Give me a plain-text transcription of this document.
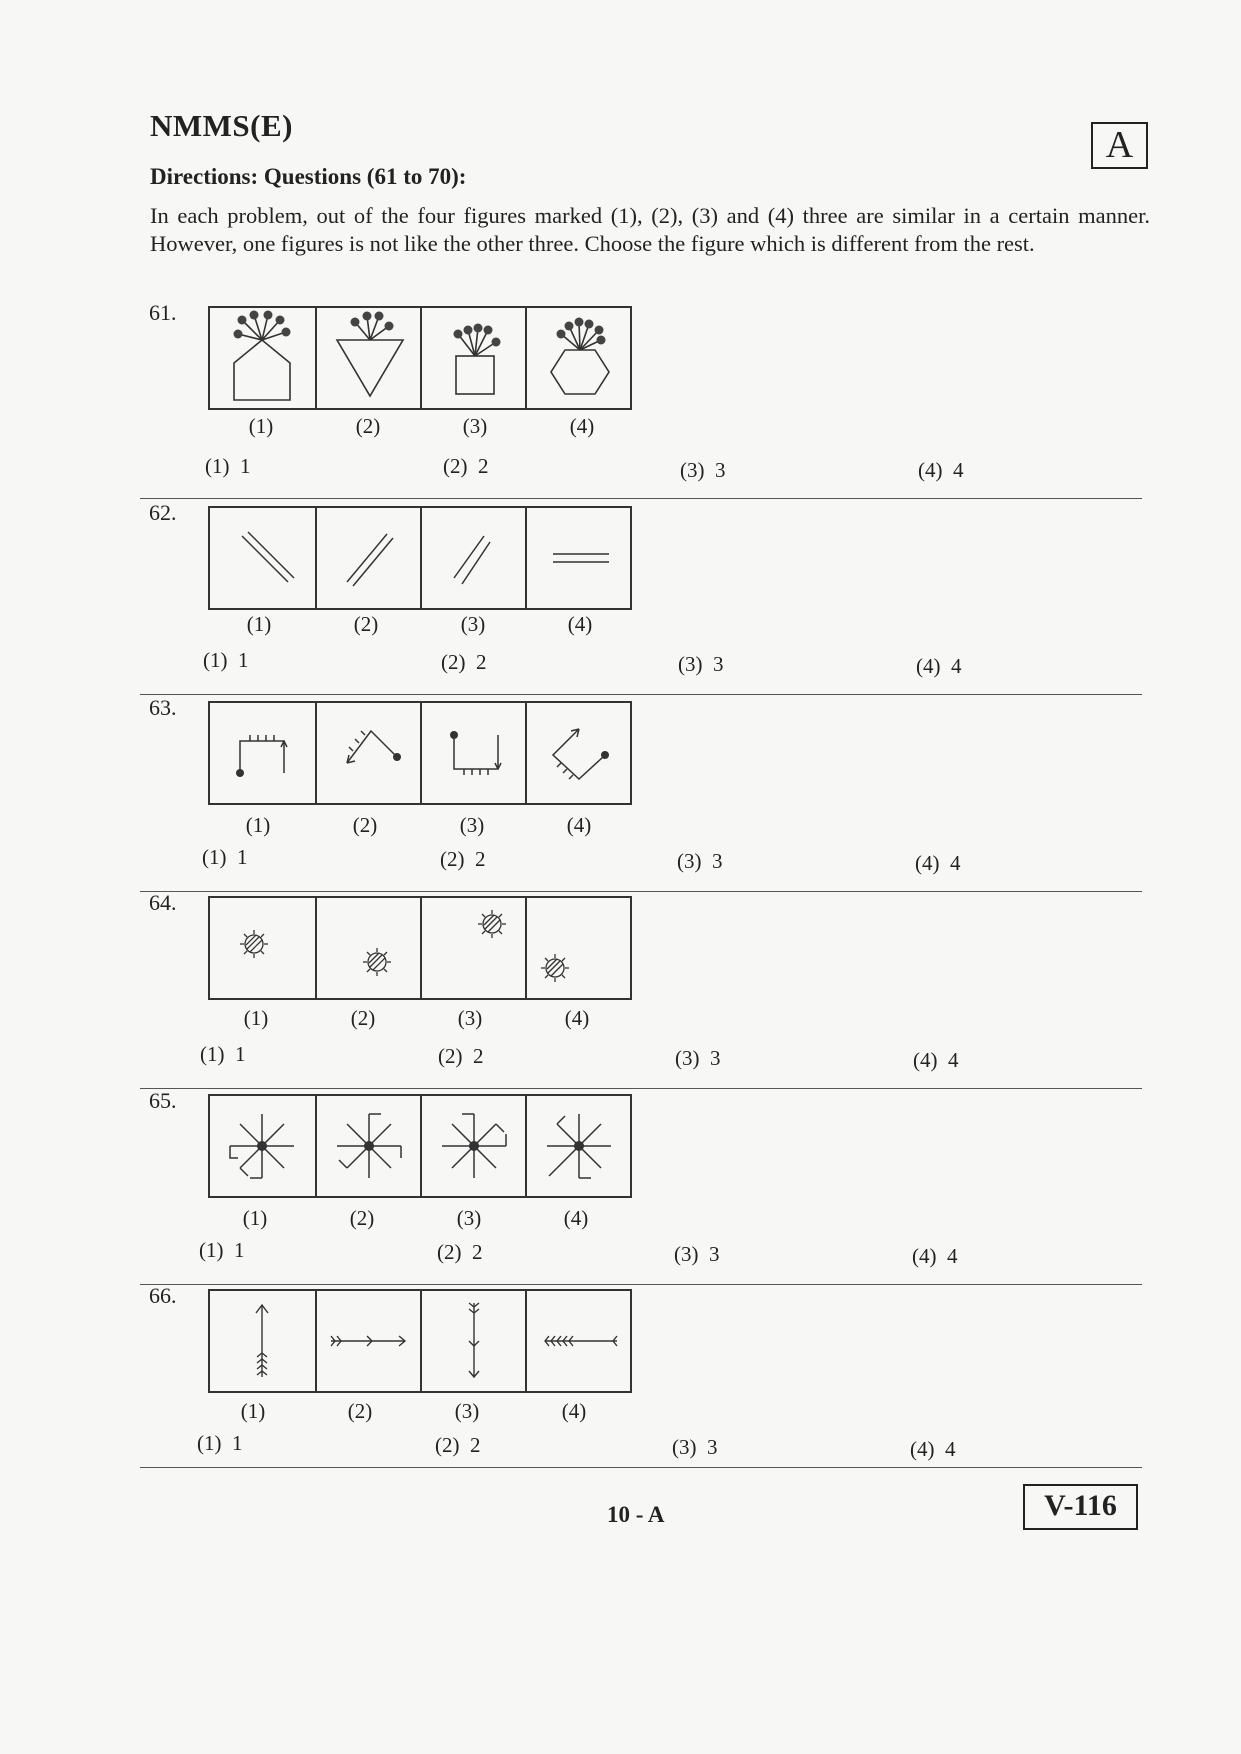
NMMS(E)	A
Directions: Questions (61 to 70):
In each problem, out of the four figures marked (1), (2), (3) and (4) three are similar in a certain manner. However, one figures is not like the other three. Choose the figure which is different from the rest.
61.
(1)	(2)	(3)	(4)
(1)  1	(2)  2	(3)  3	(4)  4
62.
(1)	(2)	(3)	(4)
(1)  1	(2)  2	(3)  3	(4)  4
63.
(1)	(2)	(3)	(4)
(1)  1	(2)  2	(3)  3	(4)  4
64.
(1)	(2)	(3)	(4)
(1)  1	(2)  2	(3)  3	(4)  4
65.
(1)	(2)	(3)	(4)
(1)  1	(2)  2	(3)  3	(4)  4
66.
(1)	(2)	(3)	(4)
(1)  1	(2)  2	(3)  3	(4)  4
10 - A	V-116
